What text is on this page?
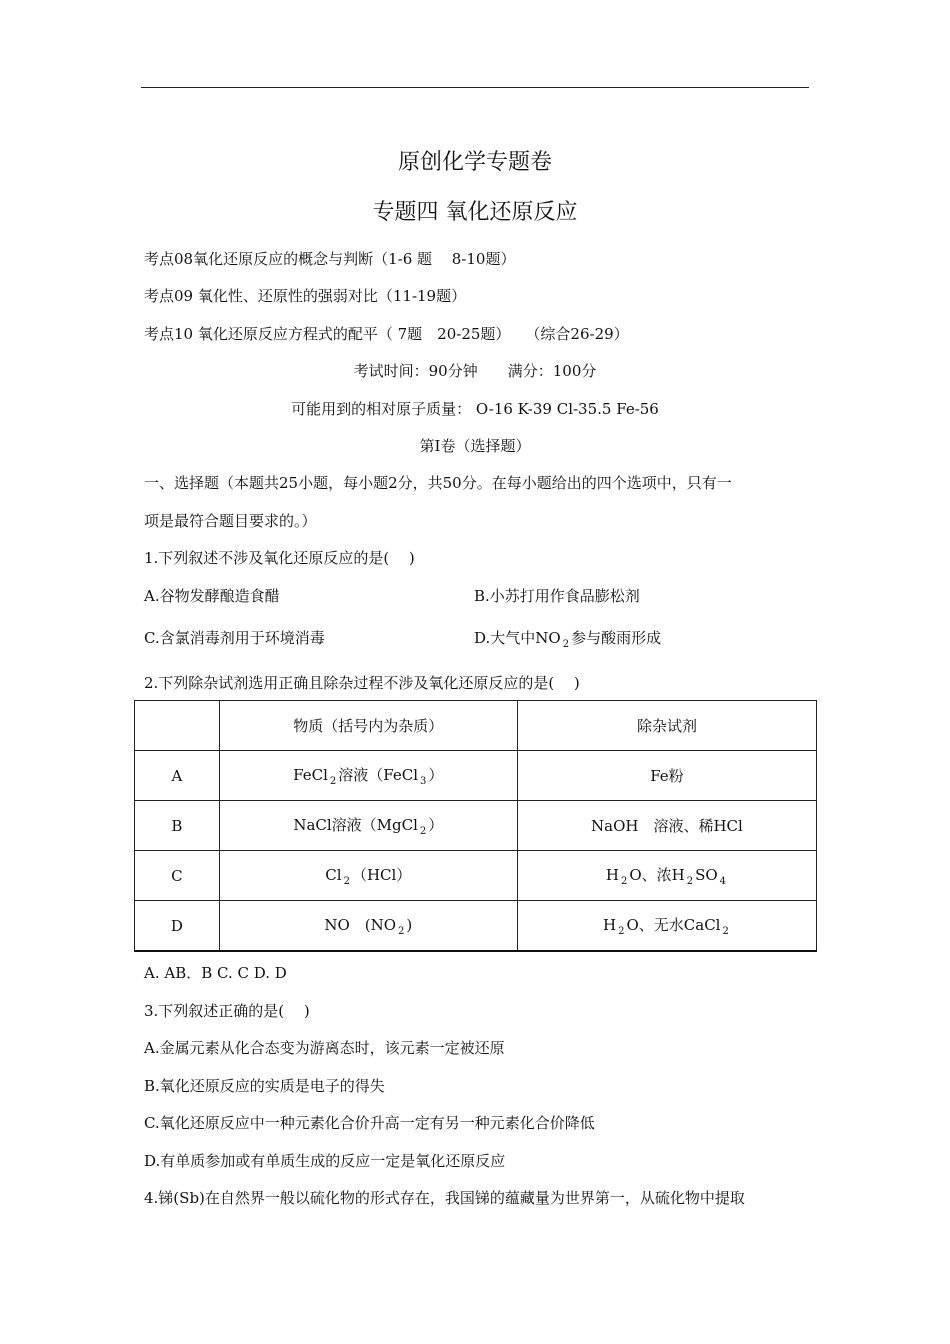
原创化学专题卷
专题四 氧化还原反应
考点08氧化还原反应的概念与判断（1-6 题　 8-10题）
考点09 氧化性、还原性的强弱对比（11-19题）
考点10 氧化还原反应方程式的配平（ 7题　20-25题）　　（综合26-29）
考试时间：90分钟　　满分：100分
可能用到的相对原子质量： O-16 K-39 Cl-35.5 Fe-56
第I卷（选择题）
一、选择题（本题共25小题，每小题2分，共50分。在每小题给出的四个选项中，只有一
项是最符合题目要求的。）
1.下列叙述不涉及氧化还原反应的是(　 )
A.谷物发酵酿造食醋	B.小苏打用作食品膨松剂
C.含氯消毒剂用于环境消毒	D.大气中NO $_2$ 参与酸雨形成
2.下列除杂试剂选用正确且除杂过程不涉及氧化还原反应的是(　 )
	物质（括号内为杂质）	除杂试剂
A	FeCl $_2$ 溶液（FeCl $_3$ ）	Fe粉
B	NaCl溶液（MgCl $_2$ ）	NaOH　溶液、稀HCl
C	Cl $_2$ （HCl）	H $_2$ O、浓H $_2$ SO $_4$
D	NO　(NO $_2$ )	H $_2$ O、无水CaCl $_2$
A. AB．B C. C D. D
3.下列叙述正确的是(　 )
A.金属元素从化合态变为游离态时，该元素一定被还原
B.氧化还原反应的实质是电子的得失
C.氧化还原反应中一种元素化合价升高一定有另一种元素化合价降低
D.有单质参加或有单质生成的反应一定是氧化还原反应
4.锑(Sb)在自然界一般以硫化物的形式存在，我国锑的蕴藏量为世界第一，从硫化物中提取
